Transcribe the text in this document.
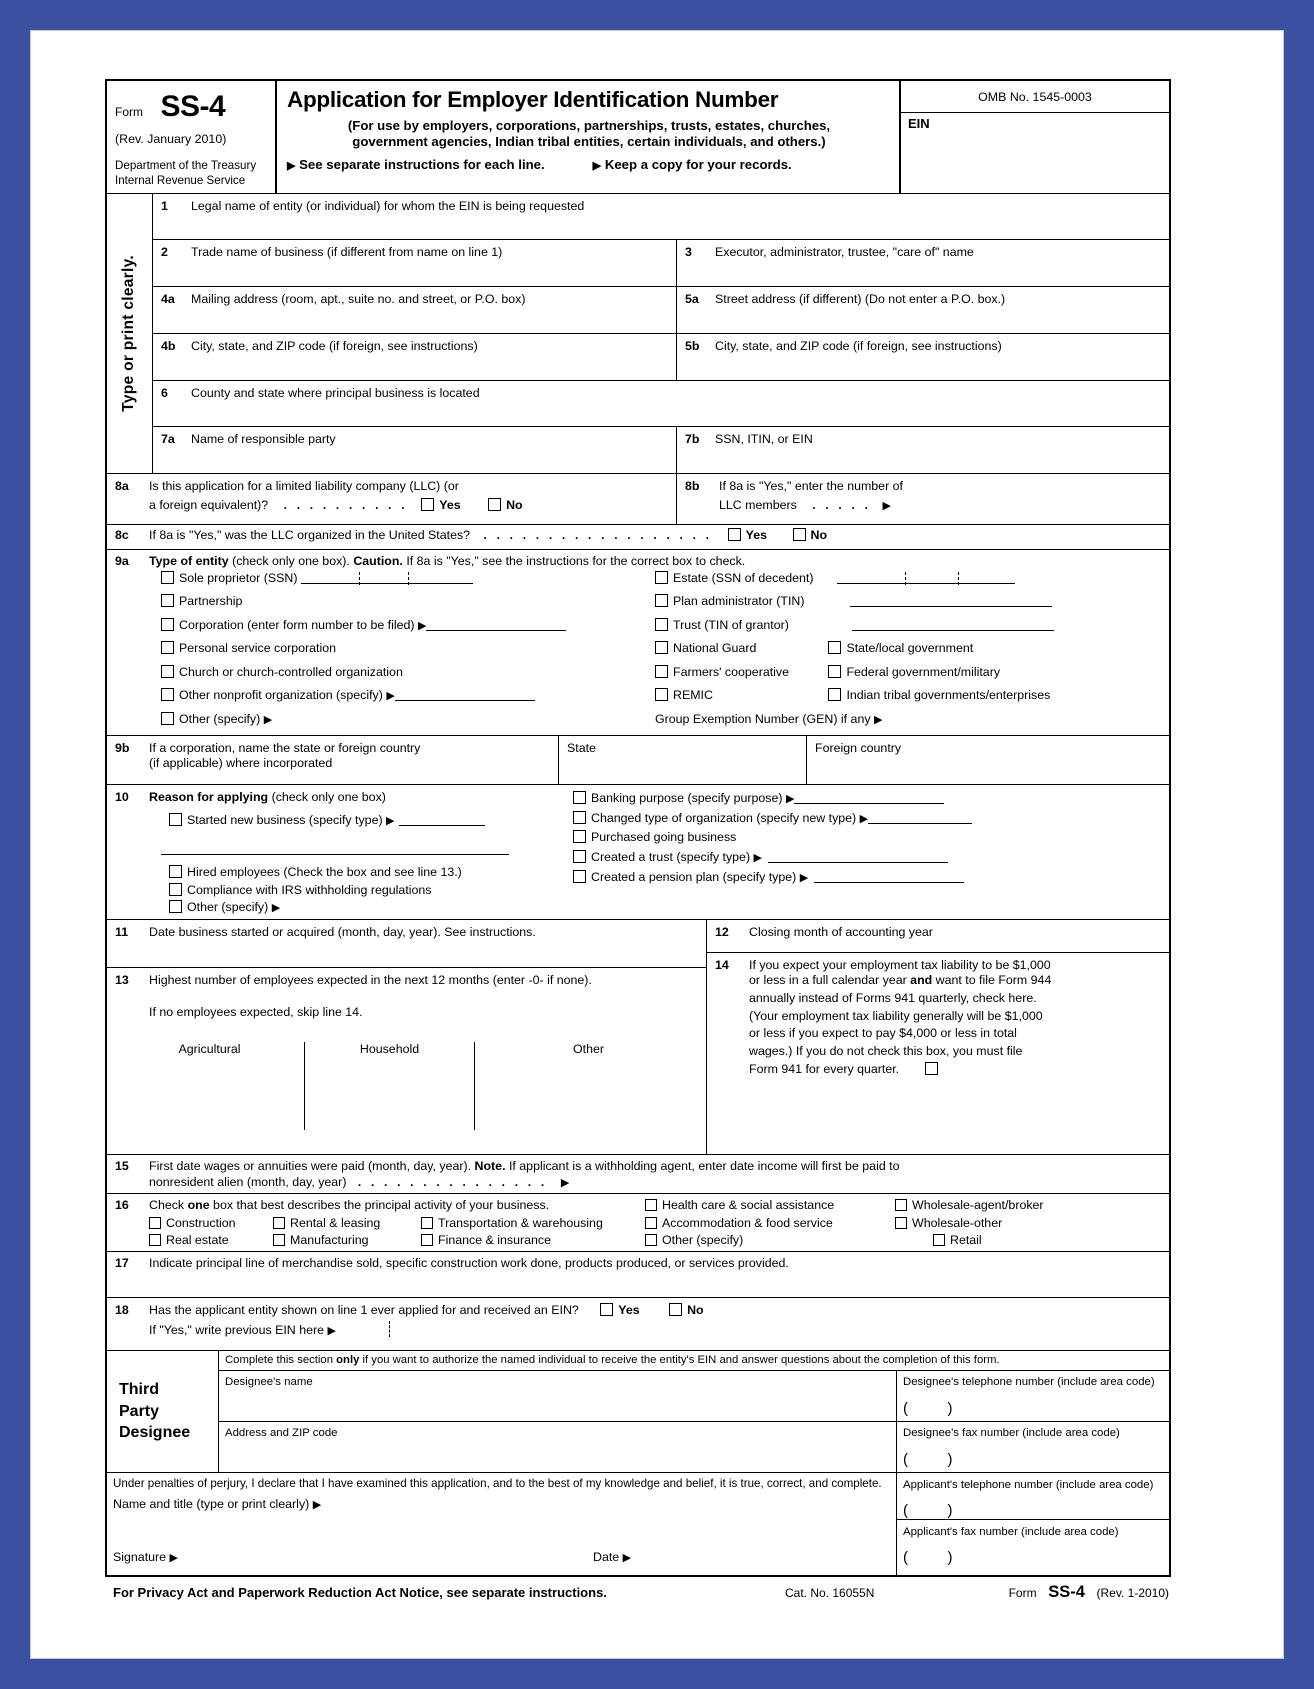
Form SS-4
(Rev. January 2010)
Department of the Treasury
Internal Revenue Service
Application for Employer Identification Number
(For use by employers, corporations, partnerships, trusts, estates, churches,
government agencies, Indian tribal entities, certain individuals, and others.)
▶ See separate instructions for each line.	▶ Keep a copy for your records.
OMB No. 1545-0003
EIN
Type or print clearly.
1 Legal name of entity (or individual) for whom the EIN is being requested
2 Trade name of business (if different from name on line 1)	3 Executor, administrator, trustee, "care of" name
4a Mailing address (room, apt., suite no. and street, or P.O. box)	5a Street address (if different) (Do not enter a P.O. box.)
4b City, state, and ZIP code (if foreign, see instructions)	5b City, state, and ZIP code (if foreign, see instructions)
6 County and state where principal business is located
7a Name of responsible party	7b SSN, ITIN, or EIN
8a Is this application for a limited liability company (LLC) (or
a foreign equivalent)? . . . . . . . . . .	Yes	No
8b If 8a is "Yes," enter the number of
LLC members . . . . . ▶
8c If 8a is "Yes," was the LLC organized in the United States? . . . . . . . . . . . . . . . . . .	Yes	No
9a Type of entity (check only one box). Caution. If 8a is "Yes," see the instructions for the correct box to check.
Sole proprietor (SSN)
Partnership
Corporation (enter form number to be filed) ▶
Personal service corporation
Church or church-controlled organization
Other nonprofit organization (specify) ▶
Other (specify) ▶
Estate (SSN of decedent)
Plan administrator (TIN)
Trust (TIN of grantor)
National Guard	State/local government
Farmers' cooperative	Federal government/military
REMIC	Indian tribal governments/enterprises
Group Exemption Number (GEN) if any ▶
9b If a corporation, name the state or foreign country
(if applicable) where incorporated
State	Foreign country
10 Reason for applying (check only one box)
Started new business (specify type) ▶
Hired employees (Check the box and see line 13.)
Compliance with IRS withholding regulations
Other (specify) ▶
Banking purpose (specify purpose) ▶
Changed type of organization (specify new type) ▶
Purchased going business
Created a trust (specify type) ▶
Created a pension plan (specify type) ▶
11 Date business started or acquired (month, day, year). See instructions.
13 Highest number of employees expected in the next 12 months (enter -0- if none).
If no employees expected, skip line 14.
Agricultural	Household	Other
12 Closing month of accounting year
14 If you expect your employment tax liability to be $1,000
or less in a full calendar year and want to file Form 944
annually instead of Forms 941 quarterly, check here.
(Your employment tax liability generally will be $1,000
or less if you expect to pay $4,000 or less in total
wages.) If you do not check this box, you must file
Form 941 for every quarter.
15 First date wages or annuities were paid (month, day, year). Note. If applicant is a withholding agent, enter date income will first be paid to
nonresident alien (month, day, year) . . . . . . . . . . . . . . . ▶
16 Check one box that best describes the principal activity of your business.	Health care & social assistance	Wholesale-agent/broker
Construction	Rental & leasing	Transportation & warehousing	Accommodation & food service	Wholesale-other
Real estate	Manufacturing	Finance & insurance	Other (specify)	Retail
17 Indicate principal line of merchandise sold, specific construction work done, products produced, or services provided.
18 Has the applicant entity shown on line 1 ever applied for and received an EIN?	Yes	No
If "Yes," write previous EIN here ▶
Third
Party
Designee
Complete this section only if you want to authorize the named individual to receive the entity's EIN and answer questions about the completion of this form.
Designee's name	Designee's telephone number (include area code)
(	)
Address and ZIP code	Designee's fax number (include area code)
(	)
Under penalties of perjury, I declare that I have examined this application, and to the best of my knowledge and belief, it is true, correct, and complete.
Name and title (type or print clearly) ▶
Signature ▶	Date ▶
Applicant's telephone number (include area code)
(	)
Applicant's fax number (include area code)
(	)
For Privacy Act and Paperwork Reduction Act Notice, see separate instructions.	Cat. No. 16055N	Form SS-4 (Rev. 1-2010)
